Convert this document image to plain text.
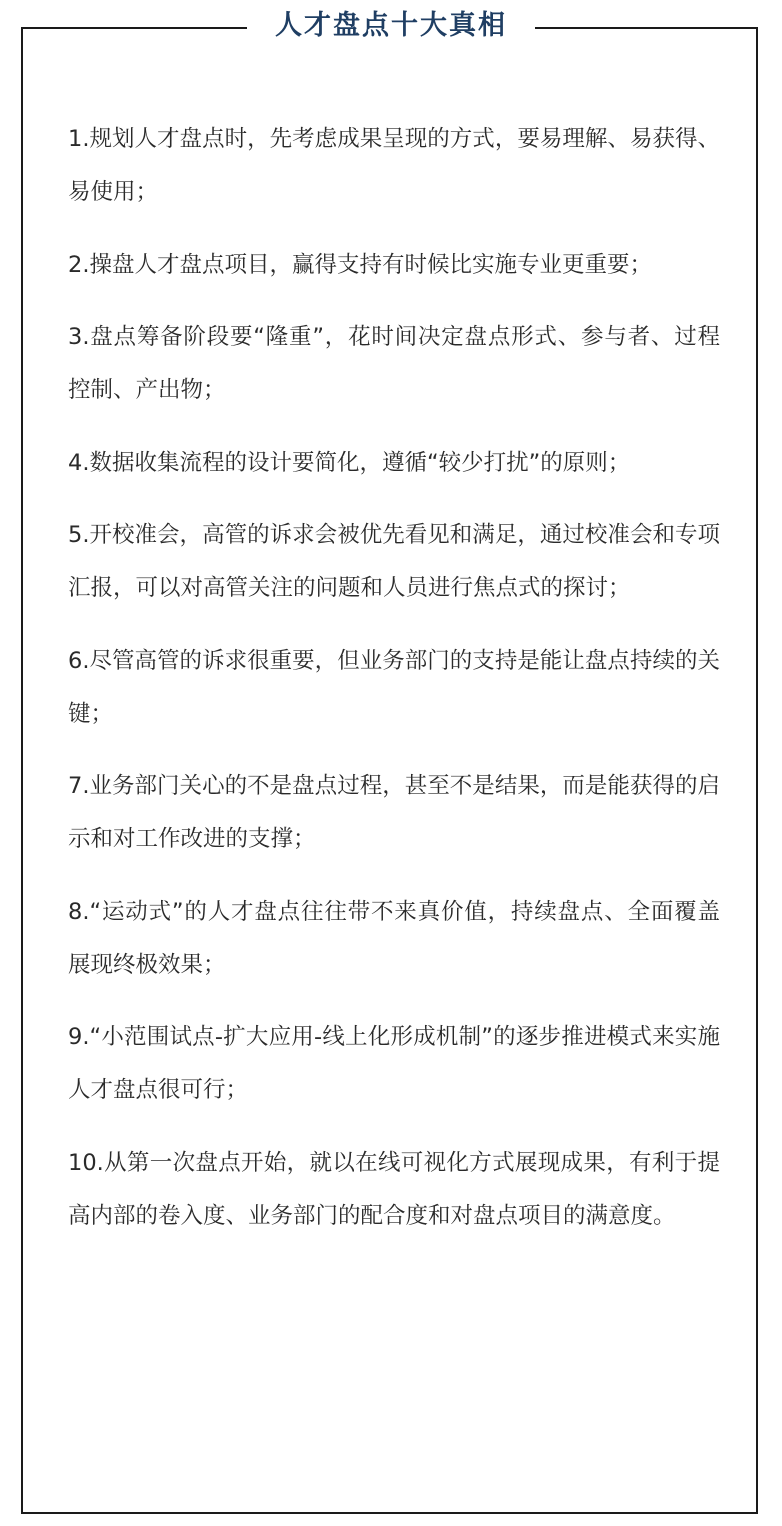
人才盘点十大真相

1.规划人才盘点时，先考虑成果呈现的方式，要易理解、易获得、易使用；

2.操盘人才盘点项目，赢得支持有时候比实施专业更重要；

3.盘点筹备阶段要“隆重”，花时间决定盘点形式、参与者、过程控制、产出物；

4.数据收集流程的设计要简化，遵循“较少打扰”的原则；

5.开校准会，高管的诉求会被优先看见和满足，通过校准会和专项汇报，可以对高管关注的问题和人员进行焦点式的探讨；

6.尽管高管的诉求很重要，但业务部门的支持是能让盘点持续的关键；

7.业务部门关心的不是盘点过程，甚至不是结果，而是能获得的启示和对工作改进的支撑；

8.“运动式”的人才盘点往往带不来真价值，持续盘点、全面覆盖展现终极效果；

9.“小范围试点-扩大应用-线上化形成机制”的逐步推进模式来实施人才盘点很可行；

10.从第一次盘点开始，就以在线可视化方式展现成果，有利于提高内部的卷入度、业务部门的配合度和对盘点项目的满意度。
